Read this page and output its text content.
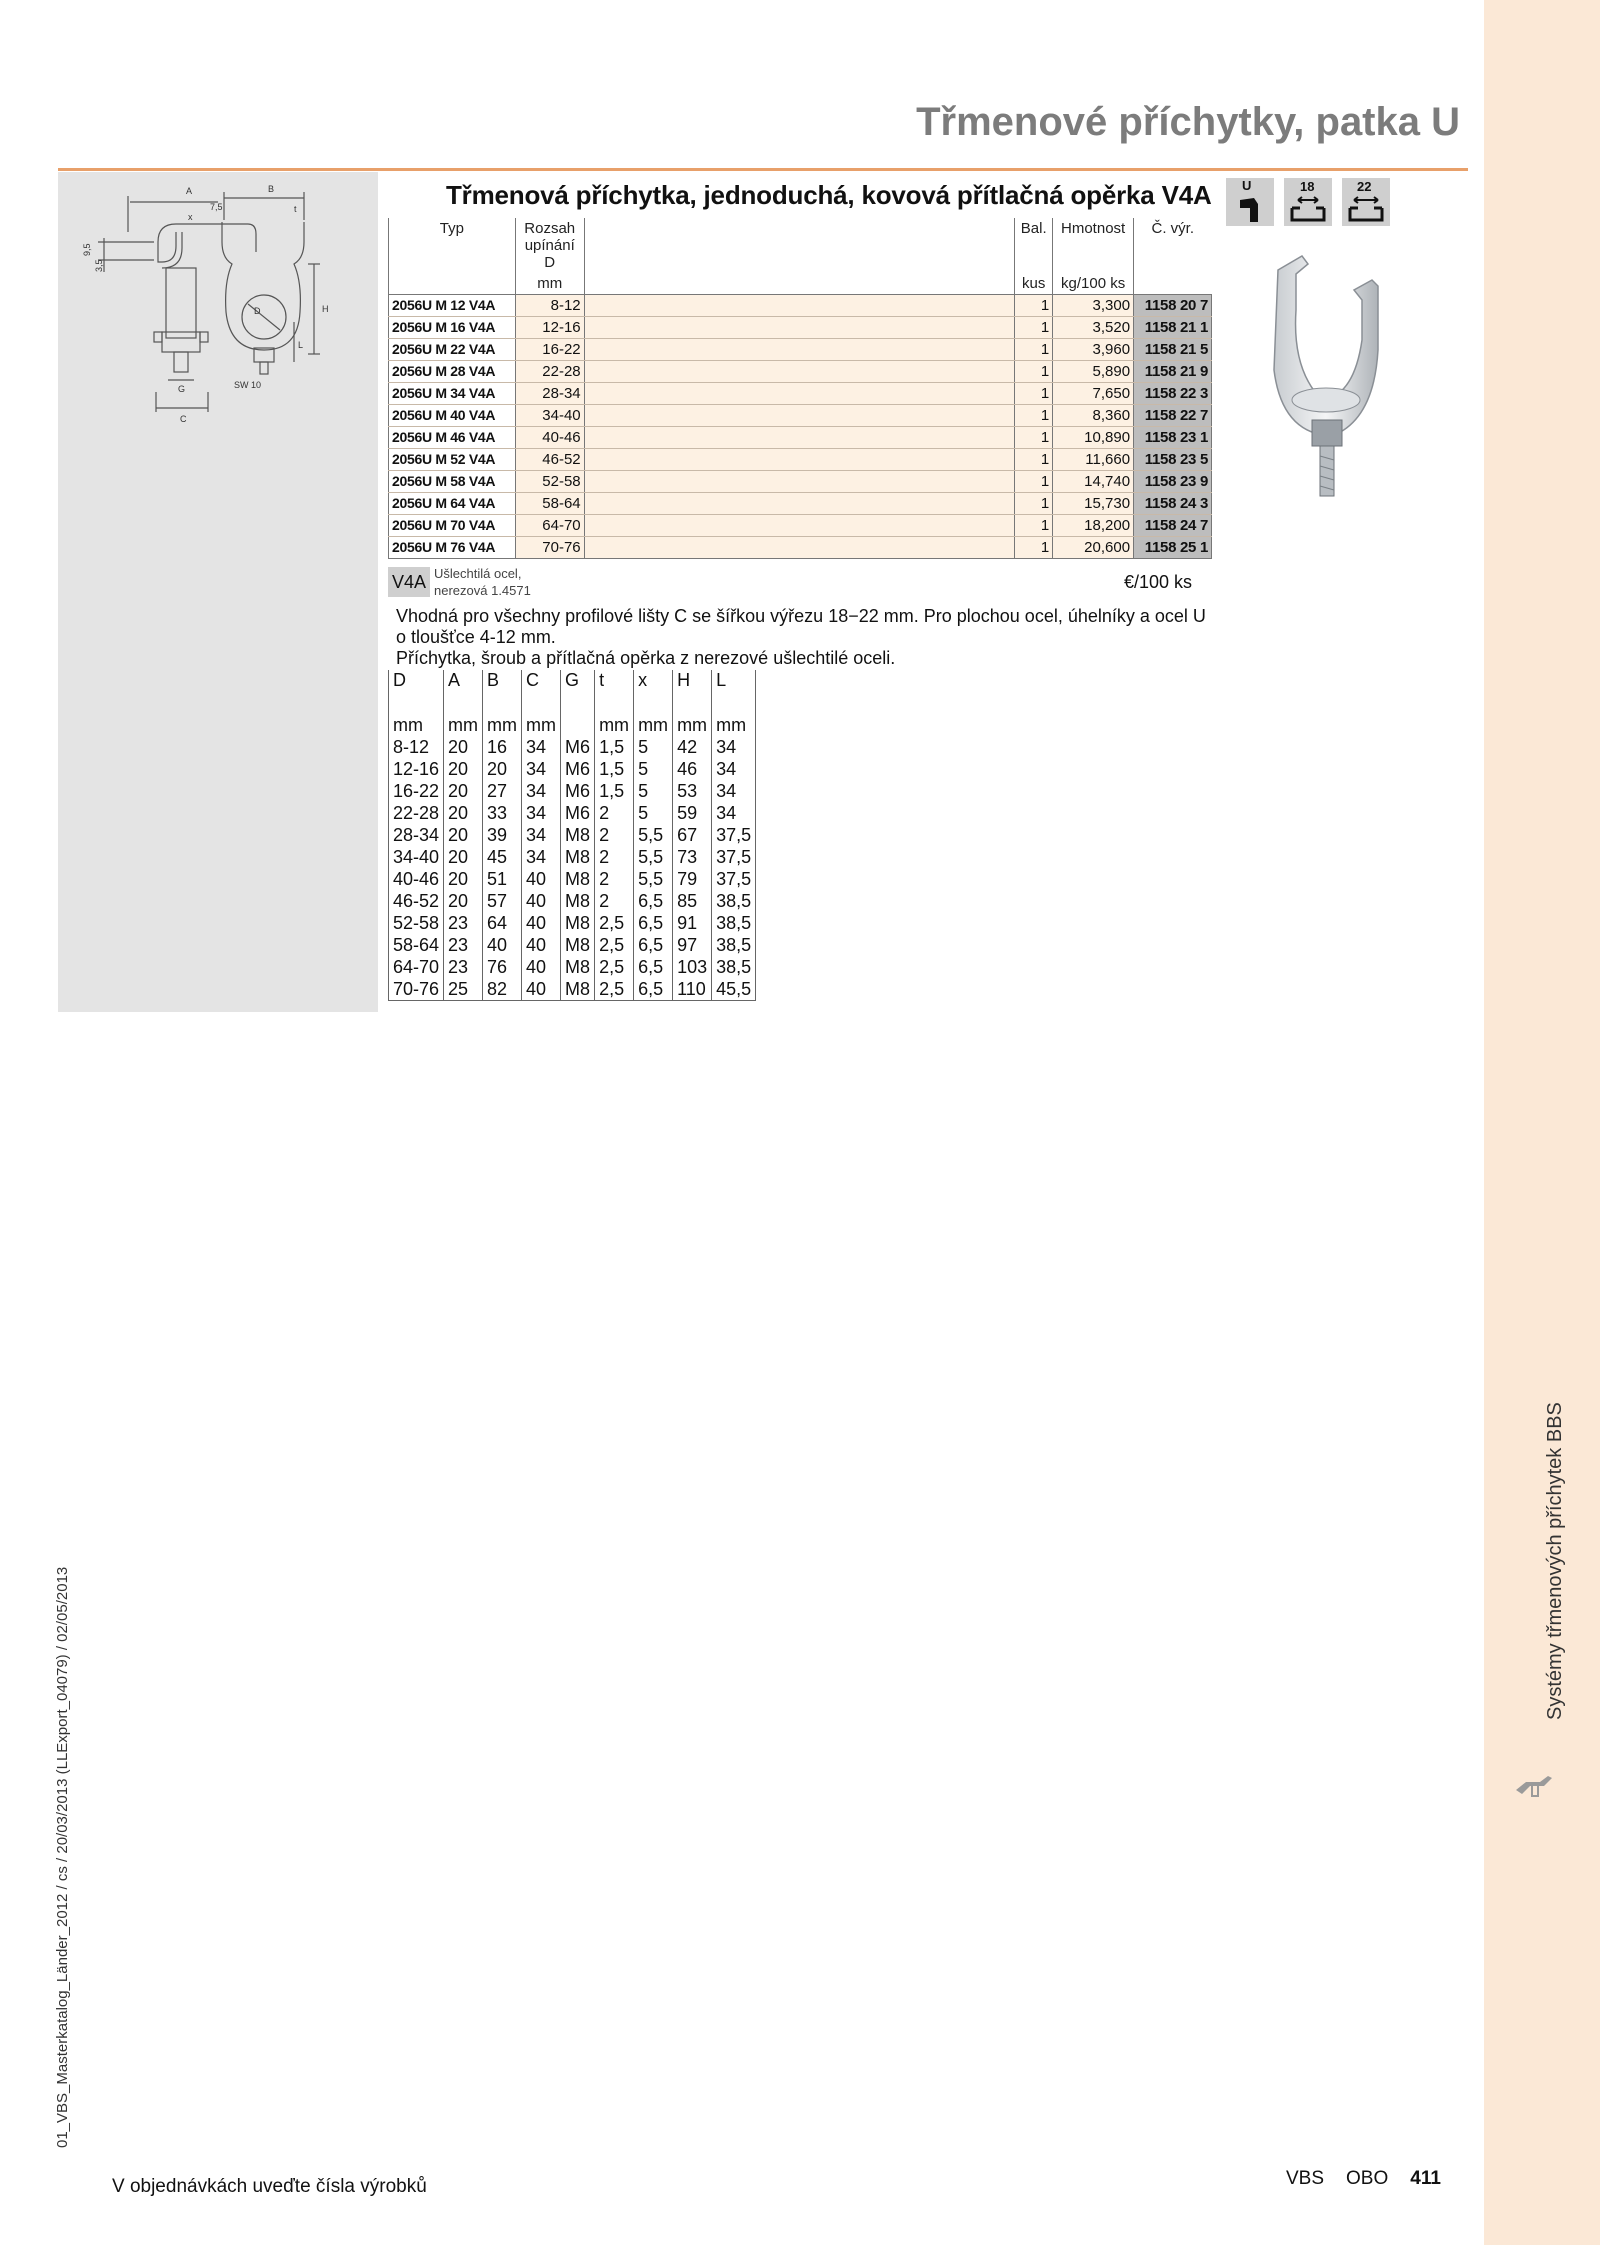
Systémy třmenových příchytek BBS
01_VBS_Masterkatalog_Länder_2012 / cs / 20/03/2013 (LLExport_04079) / 02/05/2013
Třmenové příchytky, patka U
A	B
7,5	t
x
9,5
3,5
D	H
L
G
C
SW 10
Třmenová příchytka, jednoduchá, kovová přítlačná opěrka V4A U	18	22
Typ	Rozsah
upínání D		Bal.	Hmotnost	Č. výr.
	mm		kus	kg/100 ks	
2056U M 12 V4A	8-12		1	3,300	1158 20 7
2056U M 16 V4A	12-16		1	3,520	1158 21 1
2056U M 22 V4A	16-22		1	3,960	1158 21 5
2056U M 28 V4A	22-28		1	5,890	1158 21 9
2056U M 34 V4A	28-34		1	7,650	1158 22 3
2056U M 40 V4A	34-40		1	8,360	1158 22 7
2056U M 46 V4A	40-46		1	10,890	1158 23 1
2056U M 52 V4A	46-52		1	11,660	1158 23 5
2056U M 58 V4A	52-58		1	14,740	1158 23 9
2056U M 64 V4A	58-64		1	15,730	1158 24 3
2056U M 70 V4A	64-70		1	18,200	1158 24 7
2056U M 76 V4A	70-76		1	20,600	1158 25 1
V4A Ušlechtilá ocel,
nerezová 1.4571	€/100 ks
Vhodná pro všechny profilové lišty C se šířkou výřezu 18−22 mm. Pro plochou ocel, úhelníky a ocel U o tloušťce 4-12 mm.
Příchytka, šroub a přítlačná opěrka z nerezové ušlechtilé oceli.
D	A	B	C	G	t	x	H	L
mm	mm	mm	mm		mm	mm	mm	mm
8-12	20	16	34	M6	1,5	5	42	34
12-16	20	20	34	M6	1,5	5	46	34
16-22	20	27	34	M6	1,5	5	53	34
22-28	20	33	34	M6	2	5	59	34
28-34	20	39	34	M8	2	5,5	67	37,5
34-40	20	45	34	M8	2	5,5	73	37,5
40-46	20	51	40	M8	2	5,5	79	37,5
46-52	20	57	40	M8	2	6,5	85	38,5
52-58	23	64	40	M8	2,5	6,5	91	38,5
58-64	23	40	40	M8	2,5	6,5	97	38,5
64-70	23	76	40	M8	2,5	6,5	103	38,5
70-76	25	82	40	M8	2,5	6,5	110	45,5
V objednávkách uveďte čísla výrobků	VBS OBO 411
